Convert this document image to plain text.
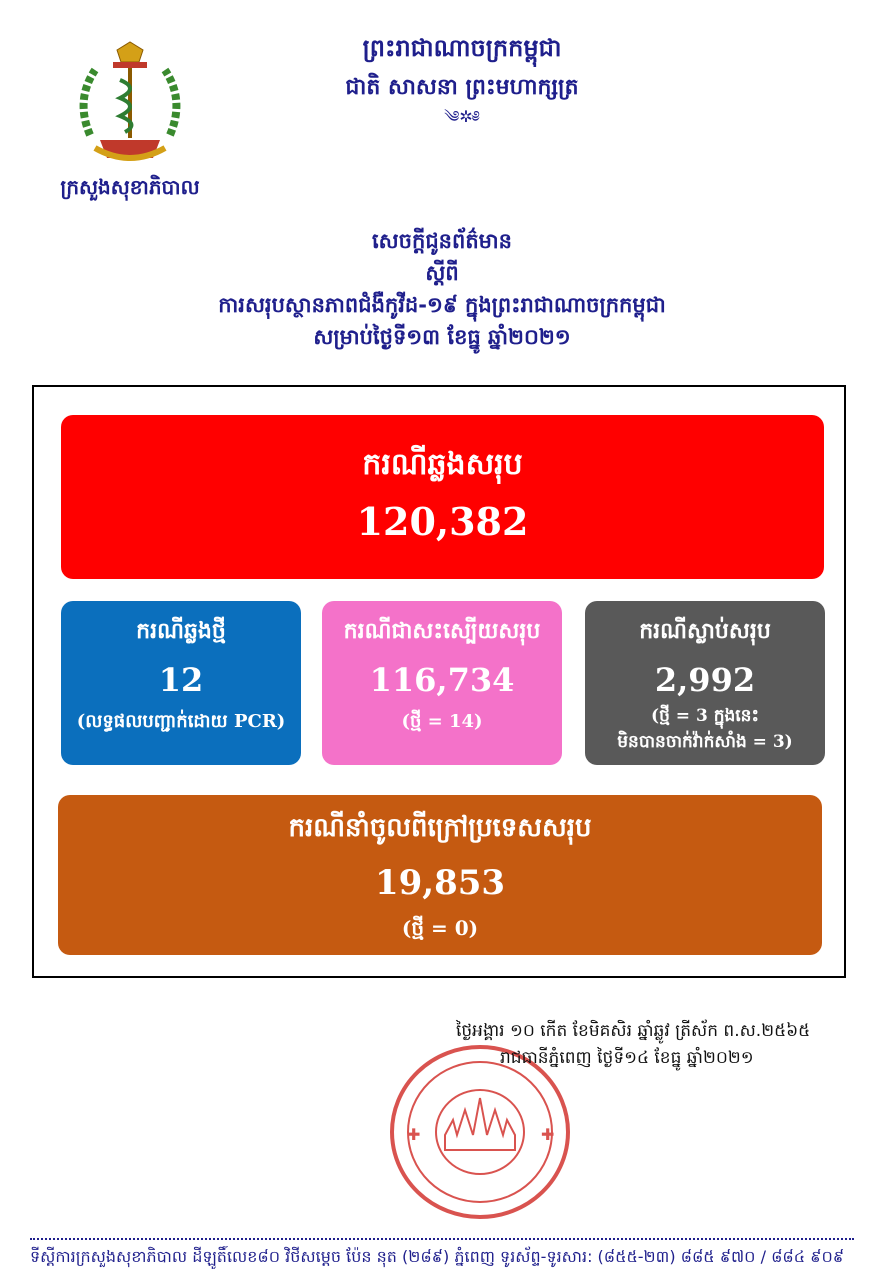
ក្រសួងសុខាភិបាល
ព្រះរាជាណាចក្រកម្ពុជា
ជាតិ សាសនា ព្រះមហាក្សត្រ
༄✲༅
សេចក្តីជូនព័ត៌មាន
ស្តីពី
ការសរុបស្ថានភាពជំងឺកូវីដ-១៩ ក្នុងព្រះរាជាណាចក្រកម្ពុជា
សម្រាប់ថ្ងៃទី១៣ ខែធ្នូ ឆ្នាំ២០២១
ករណីឆ្លងសរុប
120,382
ករណីឆ្លងថ្មី
12
(លទ្ធផលបញ្ជាក់ដោយ PCR)
ករណីជាសះស្បើយសរុប
116,734
(ថ្មី = 14)
ករណីស្លាប់សរុប
2,992
(ថ្មី = 3 ក្នុងនេះ
មិនបានចាក់វ៉ាក់សាំង = 3)
ករណីនាំចូលពីក្រៅប្រទេសសរុប
19,853
(ថ្មី = 0)
✚	✚
ថ្ងៃអង្គារ ១០ កើត ខែមិគសិរ ឆ្នាំឆ្លូវ ត្រីស័ក ព.ស.២៥៦៥
រាជធានីភ្នំពេញ ថ្ងៃទី១៤ ខែធ្នូ ឆ្នាំ២០២១
ទីស្តីការក្រសួងសុខាភិបាល ដីឡូតិ៍លេខ៨០ វិថីសម្តេច ប៉ែន នុត (២៨៩) ភ្នំពេញ ទូរស័ព្ទ-ទូរសារ: (៨៥៥-២៣) ៨៨៥ ៩៧០ / ៨៨៤ ៩០៩
